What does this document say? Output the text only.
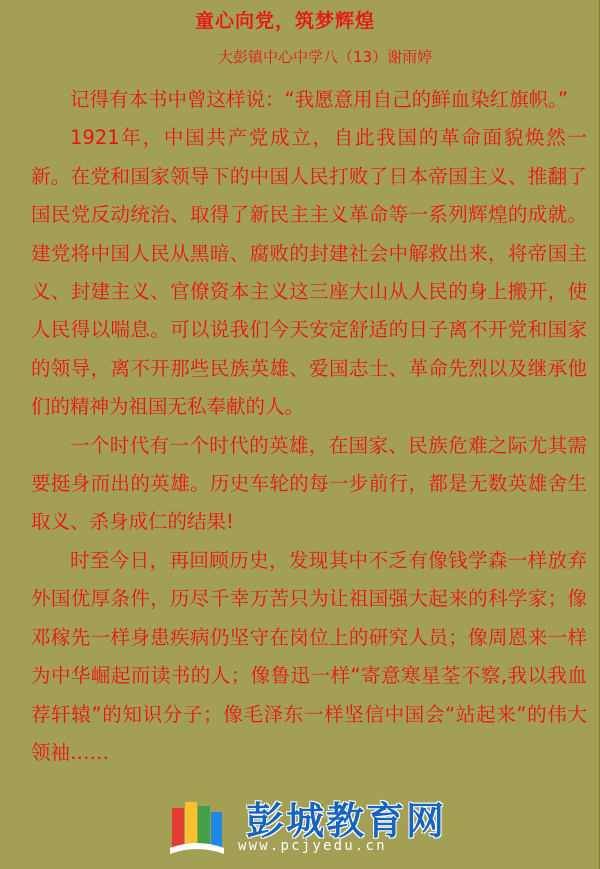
童心向党，筑梦辉煌
大彭镇中心中学八（13）谢雨婷

记得有本书中曾这样说：“我愿意用自己的鲜血染红旗帜。”

1921年，中国共产党成立，自此我国的革命面貌焕然一新。在党和国家领导下的中国人民打败了日本帝国主义、推翻了国民党反动统治、取得了新民主主义革命等一系列辉煌的成就。建党将中国人民从黑暗、腐败的封建社会中解救出来，将帝国主义、封建主义、官僚资本主义这三座大山从人民的身上搬开，使人民得以喘息。可以说我们今天安定舒适的日子离不开党和国家的领导，离不开那些民族英雄、爱国志士、革命先烈以及继承他们的精神为祖国无私奉献的人。

一个时代有一个时代的英雄，在国家、民族危难之际尤其需要挺身而出的英雄。历史车轮的每一步前行，都是无数英雄舍生取义、杀身成仁的结果!

时至今日，再回顾历史，发现其中不乏有像钱学森一样放弃外国优厚条件，历尽千幸万苦只为让祖国强大起来的科学家；像邓稼先一样身患疾病仍坚守在岗位上的研究人员；像周恩来一样为中华崛起而读书的人；像鲁迅一样“寄意寒星荃不察,我以我血荐轩辕”的知识分子；像毛泽东一样坚信中国会“站起来”的伟大领袖……

彭城教育网
www.pcjyedu.cn
